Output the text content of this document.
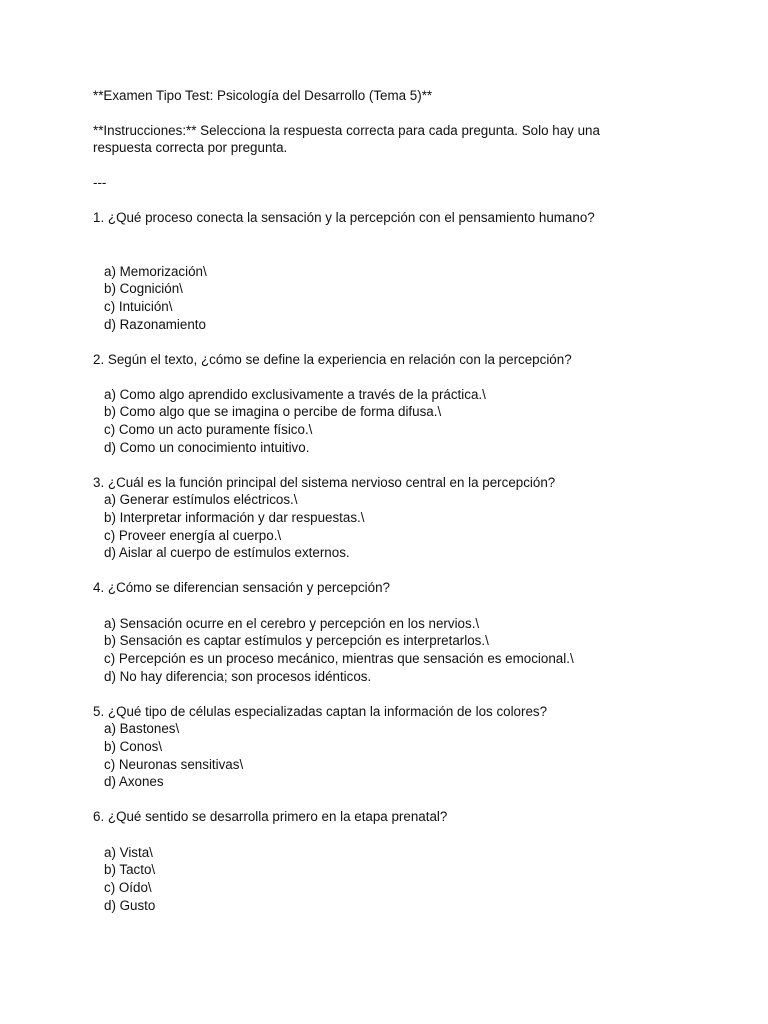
**Examen Tipo Test: Psicología del Desarrollo (Tema 5)**
**Instrucciones:** Selecciona la respuesta correcta para cada pregunta. Solo hay una
respuesta correcta por pregunta.
---
1. ¿Qué proceso conecta la sensación y la percepción con el pensamiento humano?
a) Memorización\
b) Cognición\
c) Intuición\
d) Razonamiento
2. Según el texto, ¿cómo se define la experiencia en relación con la percepción?
a) Como algo aprendido exclusivamente a través de la práctica.\
b) Como algo que se imagina o percibe de forma difusa.\
c) Como un acto puramente físico.\
d) Como un conocimiento intuitivo.
3. ¿Cuál es la función principal del sistema nervioso central en la percepción?
a) Generar estímulos eléctricos.\
b) Interpretar información y dar respuestas.\
c) Proveer energía al cuerpo.\
d) Aislar al cuerpo de estímulos externos.
4. ¿Cómo se diferencian sensación y percepción?
a) Sensación ocurre en el cerebro y percepción en los nervios.\
b) Sensación es captar estímulos y percepción es interpretarlos.\
c) Percepción es un proceso mecánico, mientras que sensación es emocional.\
d) No hay diferencia; son procesos idénticos.
5. ¿Qué tipo de células especializadas captan la información de los colores?
a) Bastones\
b) Conos\
c) Neuronas sensitivas\
d) Axones
6. ¿Qué sentido se desarrolla primero en la etapa prenatal?
a) Vista\
b) Tacto\
c) Oído\
d) Gusto
